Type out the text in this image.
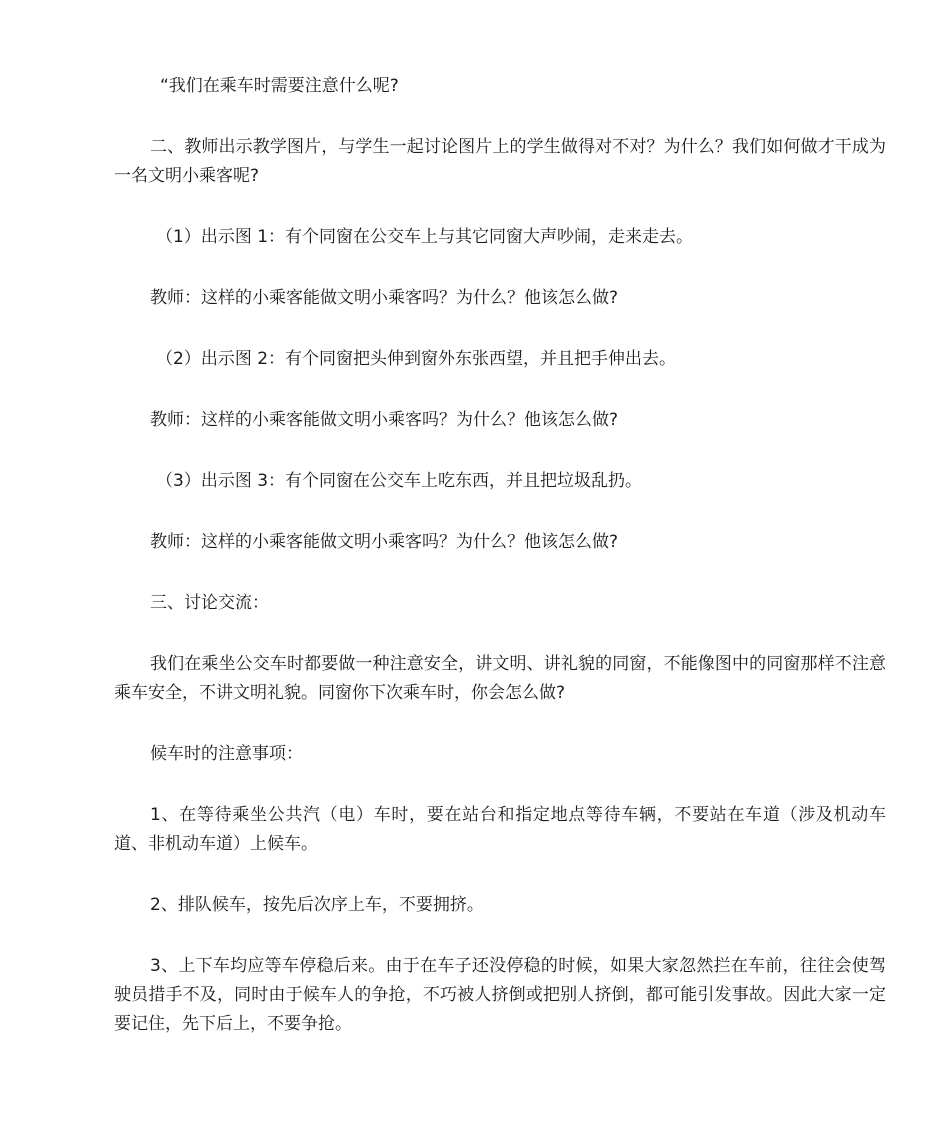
“我们在乘车时需要注意什么呢?

二、教师出示教学图片，与学生一起讨论图片上的学生做得对不对？为什么？我们如何做才干成为一名文明小乘客呢?

（1）出示图 1：有个同窗在公交车上与其它同窗大声吵闹，走来走去。

教师：这样的小乘客能做文明小乘客吗？为什么？他该怎么做?

（2）出示图 2：有个同窗把头伸到窗外东张西望，并且把手伸出去。

教师：这样的小乘客能做文明小乘客吗？为什么？他该怎么做?

（3）出示图 3：有个同窗在公交车上吃东西，并且把垃圾乱扔。

教师：这样的小乘客能做文明小乘客吗？为什么？他该怎么做?

三、讨论交流：

我们在乘坐公交车时都要做一种注意安全，讲文明、讲礼貌的同窗，不能像图中的同窗那样不注意乘车安全，不讲文明礼貌。同窗你下次乘车时，你会怎么做?

候车时的注意事项：

1、在等待乘坐公共汽（电）车时，要在站台和指定地点等待车辆，不要站在车道（涉及机动车道、非机动车道）上候车。

2、排队候车，按先后次序上车，不要拥挤。

3、上下车均应等车停稳后来。由于在车子还没停稳的时候，如果大家忽然拦在车前，往往会使驾驶员措手不及，同时由于候车人的争抢，不巧被人挤倒或把别人挤倒，都可能引发事故。因此大家一定要记住，先下后上，不要争抢。
